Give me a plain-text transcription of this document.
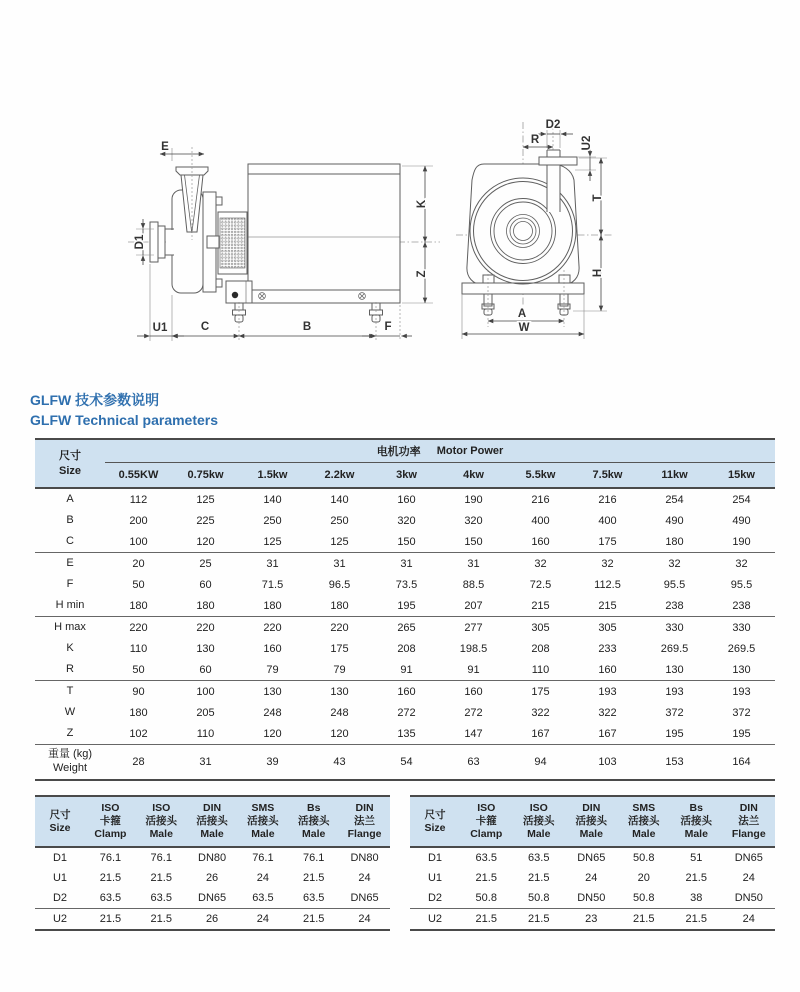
E
D1
U1	C	B	F
K
Z
D2
R	U2
T
H
A
W
GLFW 技术参数说明
GLFW Technical parameters
尺寸
Size
电机功率 Motor Power
0.55KW	0.75kw	1.5kw	2.2kw	3kw	4kw	5.5kw	7.5kw	11kw	15kw
A	112	125	140	140	160	190	216	216	254	254
B	200	225	250	250	320	320	400	400	490	490
C	100	120	125	125	150	150	160	175	180	190
E	20	25	31	31	31	31	32	32	32	32
F	50	60	71.5	96.5	73.5	88.5	72.5	112.5	95.5	95.5
H min	180	180	180	180	195	207	215	215	238	238
H max	220	220	220	220	265	277	305	305	330	330
K	110	130	160	175	208	198.5	208	233	269.5	269.5
R	50	60	79	79	91	91	110	160	130	130
T	90	100	130	130	160	160	175	193	193	193
W	180	205	248	248	272	272	322	322	372	372
Z	102	110	120	120	135	147	167	167	195	195
重量 (kg)
Weight	28	31	39	43	54	63	94	103	153	164
尺寸
Size
ISO
卡箍
Clamp
ISO
活接头
Male
DIN
活接头
Male
SMS
活接头
Male
Bs
活接头
Male
DIN
法兰
Flange
D1	76.1	76.1	DN80	76.1	76.1	DN80
U1	21.5	21.5	26	24	21.5	24
D2	63.5	63.5	DN65	63.5	63.5	DN65
U2	21.5	21.5	26	24	21.5	24
尺寸
Size
ISO
卡箍
Clamp
ISO
活接头
Male
DIN
活接头
Male
SMS
活接头
Male
Bs
活接头
Male
DIN
法兰
Flange
D1	63.5	63.5	DN65	50.8	51	DN65
U1	21.5	21.5	24	20	21.5	24
D2	50.8	50.8	DN50	50.8	38	DN50
U2	21.5	21.5	23	21.5	21.5	24
